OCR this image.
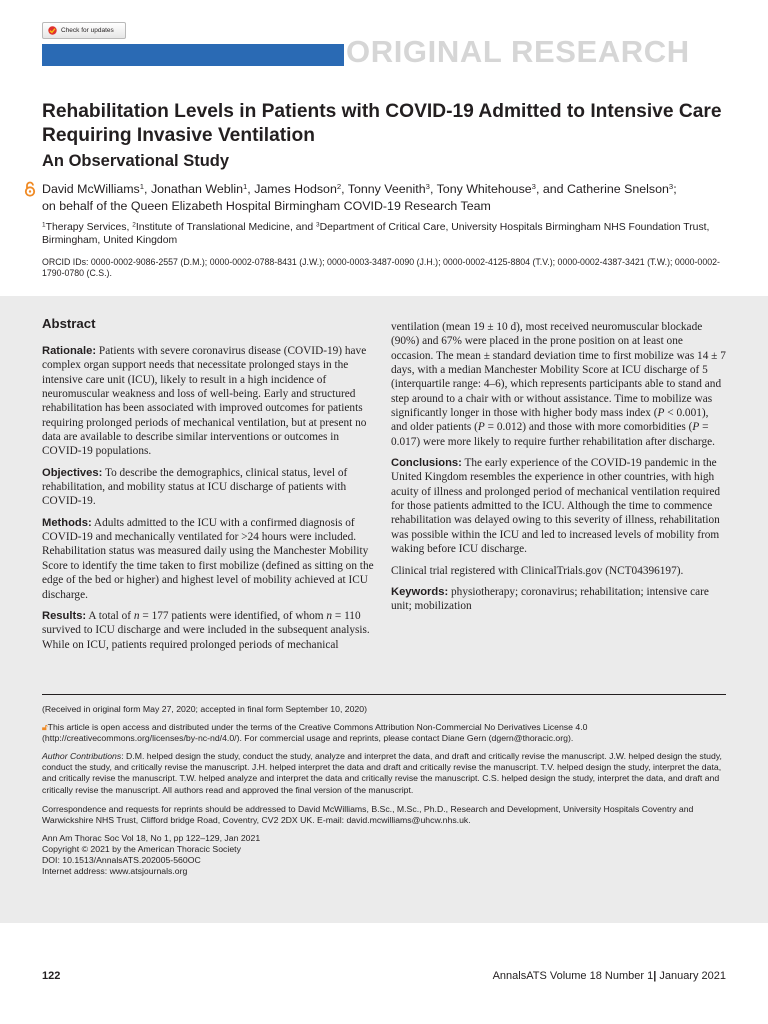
Check for updates
ORIGINAL RESEARCH
Rehabilitation Levels in Patients with COVID-19 Admitted to Intensive Care Requiring Invasive Ventilation
An Observational Study
David McWilliams$^1$, Jonathan Weblin$^1$, James Hodson$^2$, Tonny Veenith$^3$, Tony Whitehouse$^3$, and Catherine Snelson$^3$;
on behalf of the Queen Elizabeth Hospital Birmingham COVID-19 Research Team
$^1$Therapy Services, $^2$Institute of Translational Medicine, and $^3$Department of Critical Care, University Hospitals Birmingham NHS Foundation Trust, Birmingham, United Kingdom
ORCID IDs: 0000-0002-9086-2557 (D.M.); 0000-0002-0788-8431 (J.W.); 0000-0003-3487-0090 (J.H.); 0000-0002-4125-8804 (T.V.); 0000-0002-4387-3421 (T.W.); 0000-0002-1790-0780 (C.S.).
Abstract

Rationale: Patients with severe coronavirus disease (COVID-19) have complex organ support needs that necessitate prolonged stays in the intensive care unit (ICU), likely to result in a high incidence of neuromuscular weakness and loss of well-being. Early and structured rehabilitation has been associated with improved outcomes for patients requiring prolonged periods of mechanical ventilation, but at present no data are available to describe similar interventions or outcomes in COVID-19 populations.

Objectives: To describe the demographics, clinical status, level of rehabilitation, and mobility status at ICU discharge of patients with COVID-19.

Methods: Adults admitted to the ICU with a confirmed diagnosis of COVID-19 and mechanically ventilated for >24 hours were included. Rehabilitation status was measured daily using the Manchester Mobility Score to identify the time taken to first mobilize (defined as sitting on the edge of the bed or higher) and highest level of mobility achieved at ICU discharge.

Results: A total of n = 177 patients were identified, of whom n = 110 survived to ICU discharge and were included in the subsequent analysis. While on ICU, patients required prolonged periods of mechanical

ventilation (mean 19 ± 10 d), most received neuromuscular blockade (90%) and 67% were placed in the prone position on at least one occasion. The mean ± standard deviation time to first mobilize was 14 ± 7 days, with a median Manchester Mobility Score at ICU discharge of 5 (interquartile range: 4–6), which represents participants able to stand and step around to a chair with or without assistance. Time to mobilize was significantly longer in those with higher body mass index (P < 0.001), and older patients (P = 0.012) and those with more comorbidities (P = 0.017) were more likely to require further rehabilitation after discharge.

Conclusions: The early experience of the COVID-19 pandemic in the United Kingdom resembles the experience in other countries, with high acuity of illness and prolonged period of mechanical ventilation required for those patients admitted to the ICU. Although the time to commence rehabilitation was delayed owing to this severity of illness, rehabilitation was possible within the ICU and led to increased levels of mobility from waking before ICU discharge.

Clinical trial registered with ClinicalTrials.gov (NCT04396197).

Keywords: physiotherapy; coronavirus; rehabilitation; intensive care unit; mobilization

(Received in original form May 27, 2020; accepted in final form September 10, 2020)
🔓︎This article is open access and distributed under the terms of the Creative Commons Attribution Non-Commercial No Derivatives License 4.0 (http://creativecommons.org/licenses/by-nc-nd/4.0/). For commercial usage and reprints, please contact Diane Gern (dgern@thoracic.org).
Author Contributions: D.M. helped design the study, conduct the study, analyze and interpret the data, and draft and critically revise the manuscript. J.W. helped design the study, conduct the study, and critically revise the manuscript. J.H. helped interpret the data and draft and critically revise the manuscript. T.V. helped design the study, interpret the data, and critically revise the manuscript. T.W. helped analyze and interpret the data and critically revise the manuscript. C.S. helped design the study, interpret the data, and draft and critically revise the manuscript. All authors read and approved the final version of the manuscript.
Correspondence and requests for reprints should be addressed to David McWilliams, B.Sc., M.Sc., Ph.D., Research and Development, University Hospitals Coventry and Warwickshire NHS Trust, Clifford bridge Road, Coventry, CV2 2DX UK. E-mail: david.mcwilliams@uhcw.nhs.uk.
Ann Am Thorac Soc Vol 18, No 1, pp 122–129, Jan 2021
Copyright © 2021 by the American Thoracic Society
DOI: 10.1513/AnnalsATS.202005-560OC
Internet address: www.atsjournals.org
122	AnnalsATS Volume 18 Number 1| January 2021
